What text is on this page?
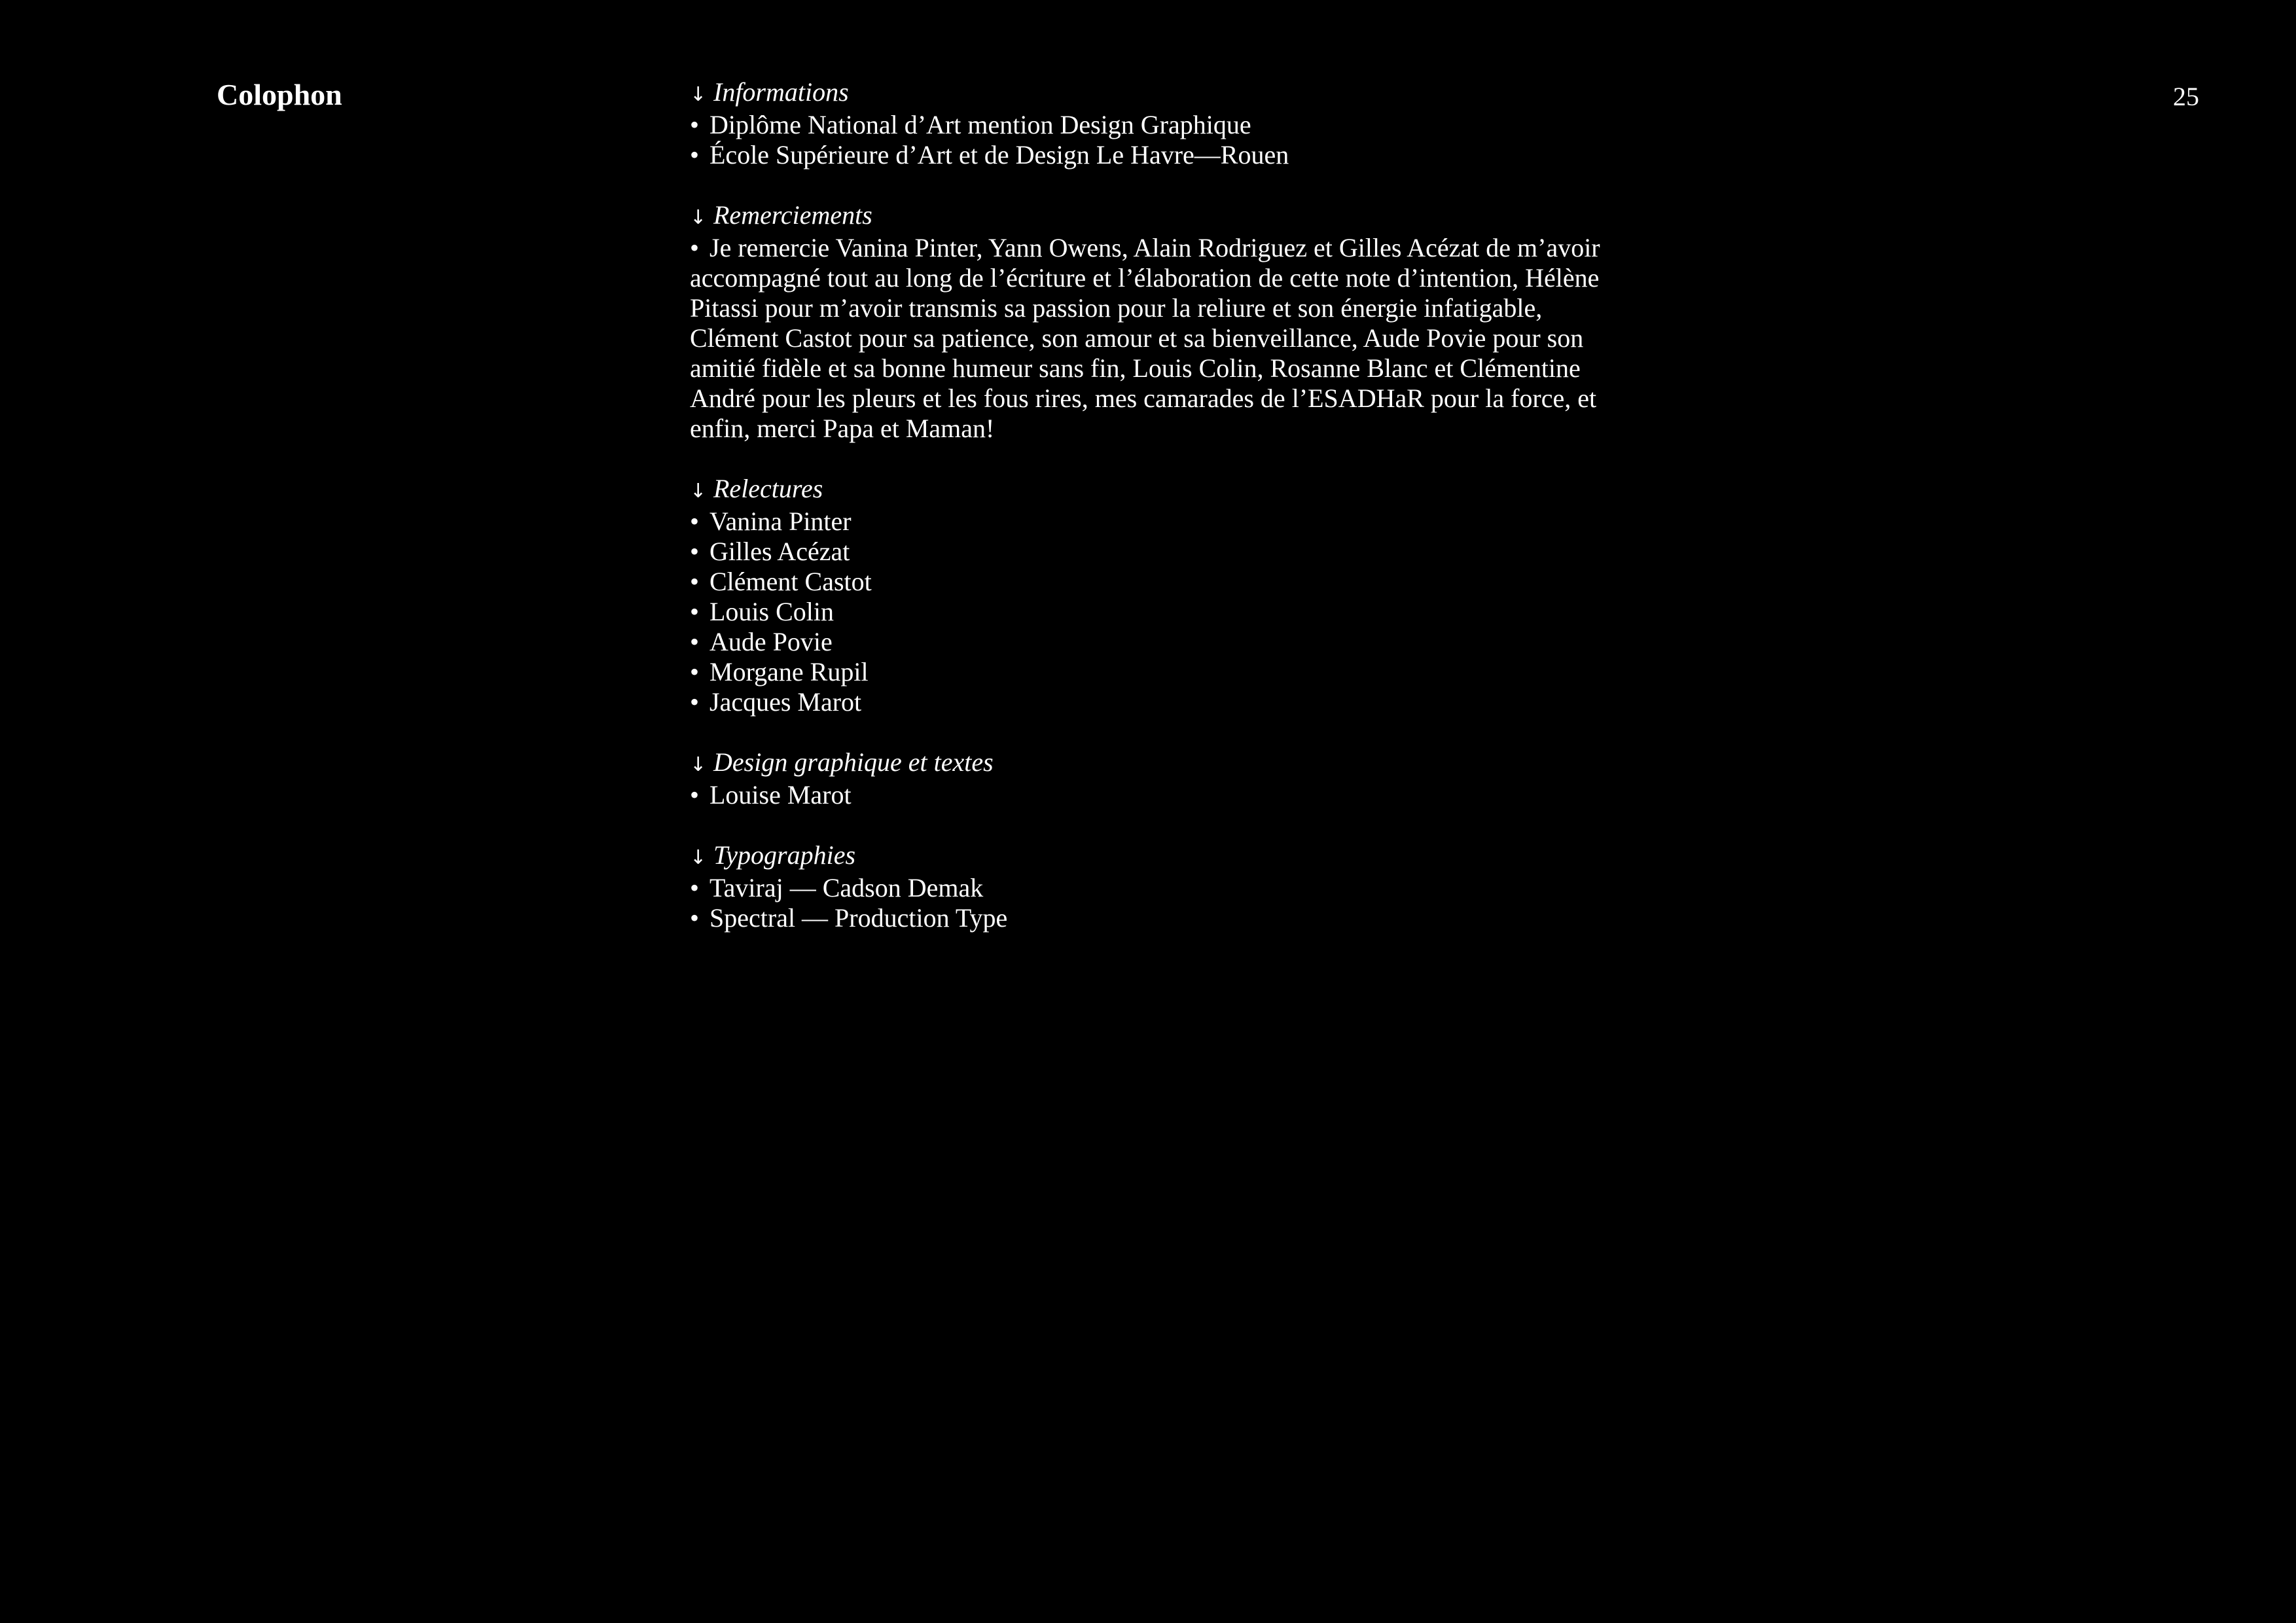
Colophon	25
↓ Informations
• Diplôme National d’Art mention Design Graphique
• École Supérieure d’Art et de Design Le Havre—Rouen
↓ Remerciements

• Je remercie Vanina Pinter, Yann Owens, Alain Rodriguez et Gilles Acézat de m’avoir accompagné tout au long de l’écriture et l’élaboration de cette note d’intention, Hélène Pitassi pour m’avoir transmis sa passion pour la reliure et son énergie infatigable, Clément Castot pour sa patience, son amour et sa bienveillance, Aude Povie pour son amitié fidèle et sa bonne humeur sans fin, Louis Colin, Rosanne Blanc et Clémentine André pour les pleurs et les fous rires, mes camarades de l’ESADHaR pour la force, et enfin, merci Papa et Maman!

↓ Relectures
• Vanina Pinter
• Gilles Acézat
• Clément Castot
• Louis Colin
• Aude Povie
• Morgane Rupil
• Jacques Marot
↓ Design graphique et textes
• Louise Marot
↓ Typographies
• Taviraj — Cadson Demak
• Spectral — Production Type
